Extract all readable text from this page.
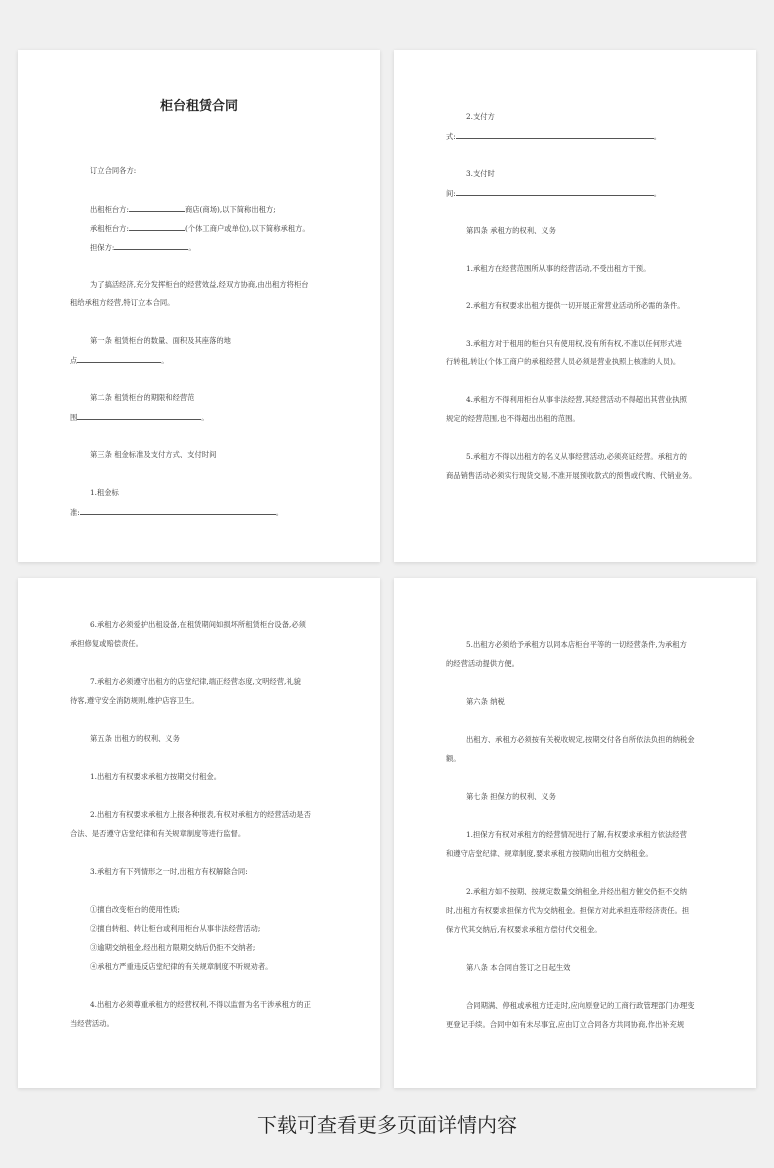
柜台租赁合同
订立合同各方:
出租柜台方:	商店(商场),以下简称出租方;
承租柜台方:	(个体工商户或单位),以下简称承租方。
担保方:	。
为了搞活经济,充分发挥柜台的经营效益,经双方协商,由出租方将柜台
租给承租方经营,特订立本合同。
第一条 租赁柜台的数量、面积及其座落的地
点	。
第二条 租赁柜台的期限和经营范
围	。
第三条 租金标准及支付方式、支付时间
1.租金标
准:	。
2.支付方
式:	。
3.支付时
间:	。
第四条 承租方的权利、义务
1.承租方在经营范围所从事的经营活动,不受出租方干预。
2.承租方有权要求出租方提供一切开展正常营业活动所必需的条件。
3.承租方对于租用的柜台只有使用权,没有所有权,不准以任何形式进
行转租,转让(个体工商户的承租经营人员必须是营业执照上核准的人员)。
4.承租方不得利用柜台从事非法经营,其经营活动不得超出其营业执照
规定的经营范围,也不得超出出租的范围。
5.承租方不得以出租方的名义从事经营活动,必须亮证经营。承租方的
商品销售活动必须实行现货交易,不准开展预收款式的预售或代购、代销业务。
6.承租方必须爱护出租设备,在租赁期间如损坏所租赁柜台设备,必须
承担修复或赔偿责任。
7.承租方必须遵守出租方的店堂纪律,端正经营态度,文明经营,礼貌
待客,遵守安全消防规则,维护店容卫生。
第五条 出租方的权利、义务
1.出租方有权要求承租方按期交付租金。
2.出租方有权要求承租方上报各种报表,有权对承租方的经营活动是否
合法、是否遵守店堂纪律和有关规章制度等进行监督。
3.承租方有下列情形之一时,出租方有权解除合同:
①擅自改变柜台的使用性质;
②擅自转租、转让柜台或利用柜台从事非法经营活动;
③逾期交纳租金,经出租方限期交纳后仍拒不交纳者;
④承租方严重违反店堂纪律的有关规章制度不听规劝者。
4.出租方必须尊重承租方的经营权利,不得以监督为名干涉承租方的正
当经营活动。
5.出租方必须给予承租方以同本店柜台平等的一切经营条件,为承租方
的经营活动提供方便。
第六条 纳税
出租方、承租方必须按有关税收规定,按期交付各自所依法负担的纳税金
额。
第七条 担保方的权利、义务
1.担保方有权对承租方的经营情况进行了解,有权要求承租方依法经营
和遵守店堂纪律、规章制度,要求承租方按期向出租方交纳租金。
2.承租方如不按期、按规定数量交纳租金,并经出租方催交仍拒不交纳
时,出租方有权要求担保方代为交纳租金。担保方对此承担连带经济责任。担
保方代其交纳后,有权要求承租方偿付代交租金。
第八条 本合同自签订之日起生效
合同期满、停租或承租方迁走时,应向原登记的工商行政管理部门办理变
更登记手续。合同中如有未尽事宜,应由订立合同各方共同协商,作出补充规
下载可查看更多页面详情内容
